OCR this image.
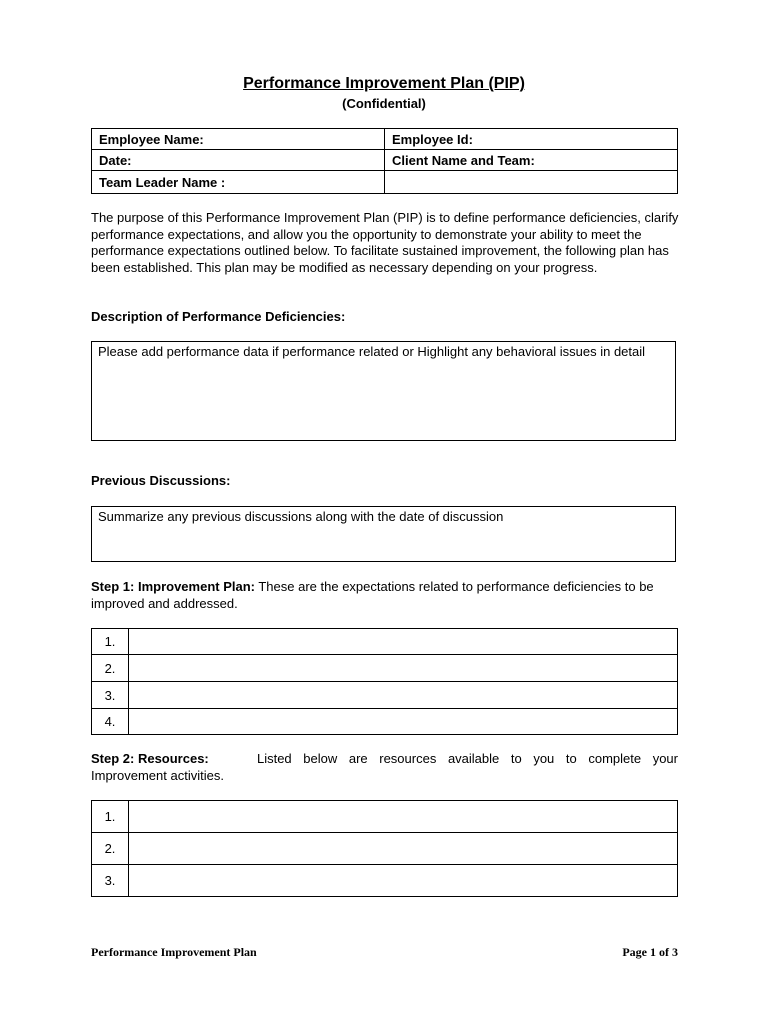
Performance Improvement Plan (PIP)
(Confidential)
Employee Name:	Employee Id:
Date:	Client Name and Team:
Team Leader Name :	
The purpose of this Performance Improvement Plan (PIP) is to define performance deficiencies, clarify performance expectations, and allow you the opportunity to demonstrate your ability to meet the performance expectations outlined below. To facilitate sustained improvement, the following plan has been established. This plan may be modified as necessary depending on your progress.
Description of Performance Deficiencies:
Please add performance data if performance related or Highlight any behavioral issues in detail
Previous Discussions:
Summarize any previous discussions along with the date of discussion
Step 1: Improvement Plan: These are the expectations related to performance deficiencies to be improved and addressed.
1.	
2.	
3.	
4.	
Step 2: Resources:	Listed below are resources available to you to complete your
Improvement activities.
1.	
2.	
3.	
Performance Improvement Plan	Page 1 of 3
